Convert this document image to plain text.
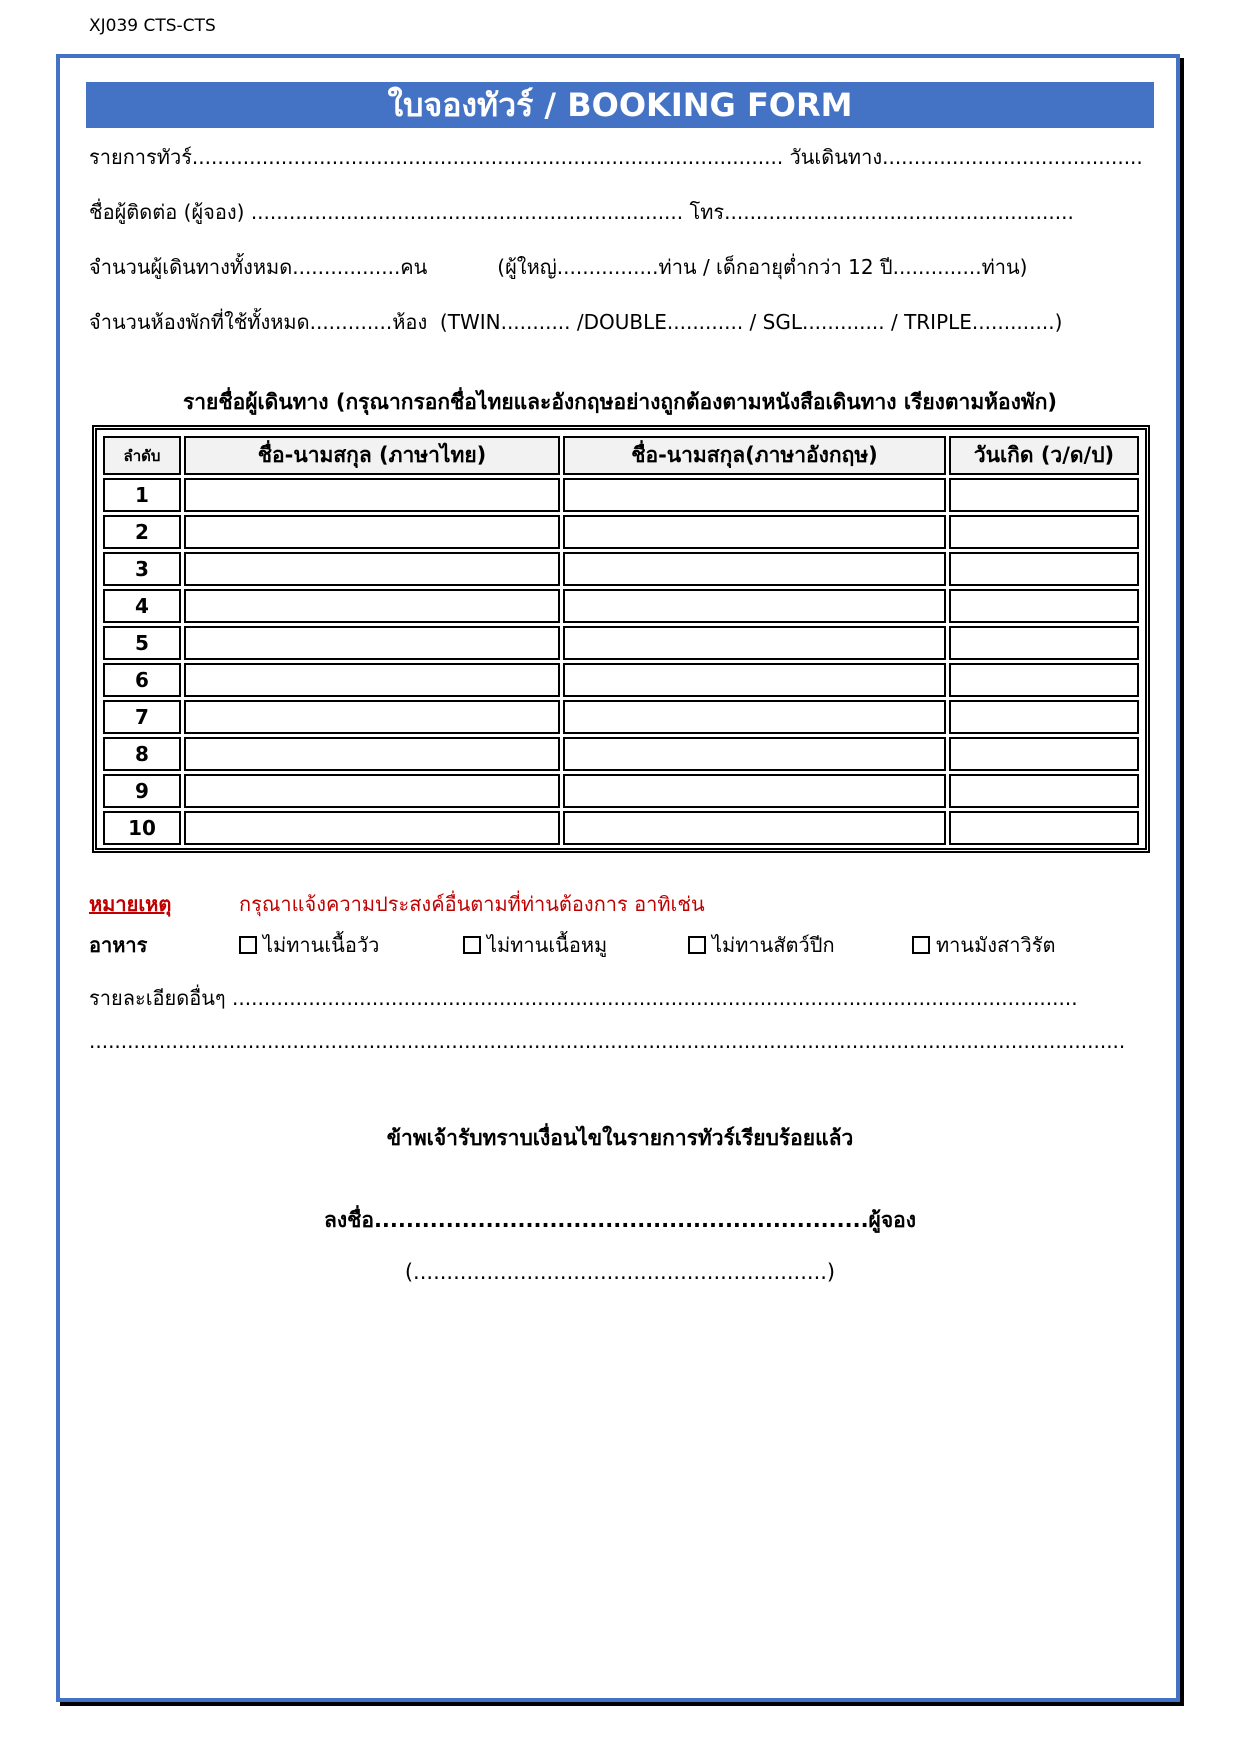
XJ039 CTS-CTS
ใบจองทัวร์ / BOOKING FORM
รายการทัวร์............................................................................................. วันเดินทาง.........................................
ชื่อผู้ติดต่อ (ผู้จอง) .................................................................... โทร.......................................................
จำนวนผู้เดินทางทั้งหมด.................คน           (ผู้ใหญ่................ท่าน / เด็กอายุต่ำกว่า 12 ปี..............ท่าน)
จำนวนห้องพักที่ใช้ทั้งหมด.............ห้อง  (TWIN........... /DOUBLE............ / SGL............. / TRIPLE.............)
รายชื่อผู้เดินทาง (กรุณากรอกชื่อไทยและอังกฤษอย่างถูกต้องตามหนังสือเดินทาง เรียงตามห้องพัก)
ลำดับ	ชื่อ-นามสกุล (ภาษาไทย)	ชื่อ-นามสกุล(ภาษาอังกฤษ)	วันเกิด (ว/ด/ป)
1			
2			
3			
4			
5			
6			
7			
8			
9			
10			
หมายเหตุ	กรุณาแจ้งความประสงค์อื่นตามที่ท่านต้องการ อาทิเช่น
อาหาร	ไม่ทานเนื้อวัว	ไม่ทานเนื้อหมู	ไม่ทานสัตว์ปีก	ทานมังสาวิรัต
รายละเอียดอื่นๆ .....................................................................................................................................
...................................................................................................................................................................
ข้าพเจ้ารับทราบเงื่อนไขในรายการทัวร์เรียบร้อยแล้ว
ลงชื่อ..............................................................ผู้จอง
(..............................................................)
